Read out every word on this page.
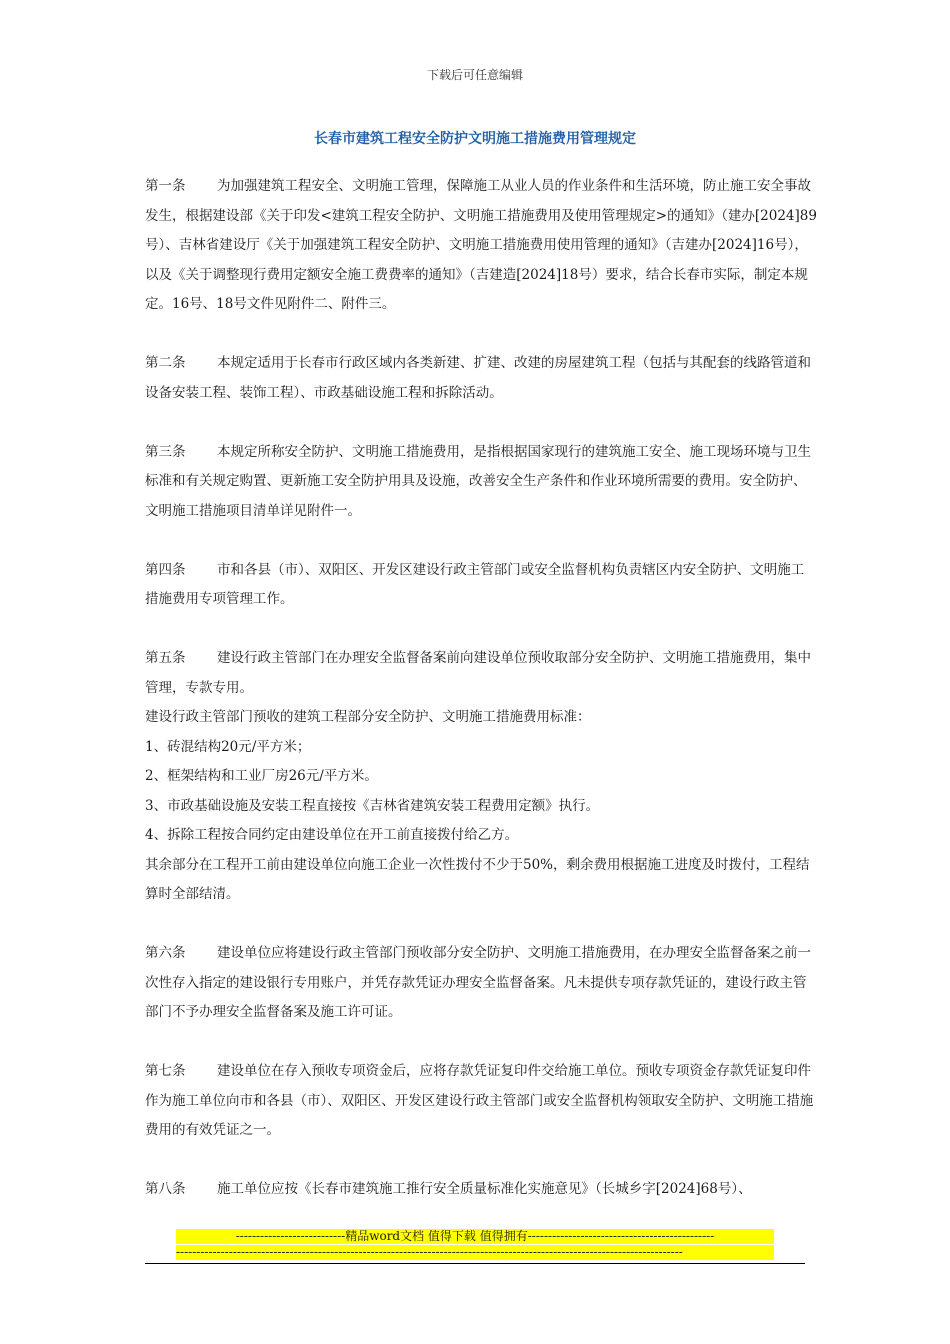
下载后可任意编辑
长春市建筑工程安全防护文明施工措施费用管理规定

第一条 为加强建筑工程安全、文明施工管理，保障施工从业人员的作业条件和生活环境，防止施工安全事故发生，根据建设部《关于印发<建筑工程安全防护、文明施工措施费用及使用管理规定>的通知》（建办[2024]89号）、吉林省建设厅《关于加强建筑工程安全防护、文明施工措施费用使用管理的通知》（吉建办[2024]16号），以及《关于调整现行费用定额安全施工费费率的通知》（吉建造[2024]18号）要求，结合长春市实际，制定本规定。16号、18号文件见附件二、附件三。

第二条 本规定适用于长春市行政区域内各类新建、扩建、改建的房屋建筑工程（包括与其配套的线路管道和设备安装工程、装饰工程）、市政基础设施工程和拆除活动。

第三条 本规定所称安全防护、文明施工措施费用，是指根据国家现行的建筑施工安全、施工现场环境与卫生标准和有关规定购置、更新施工安全防护用具及设施，改善安全生产条件和作业环境所需要的费用。安全防护、文明施工措施项目清单详见附件一。

第四条 市和各县（市）、双阳区、开发区建设行政主管部门或安全监督机构负责辖区内安全防护、文明施工措施费用专项管理工作。

第五条 建设行政主管部门在办理安全监督备案前向建设单位预收取部分安全防护、文明施工措施费用，集中管理，专款专用。

建设行政主管部门预收的建筑工程部分安全防护、文明施工措施费用标准：

1、砖混结构20元/平方米；

2、框架结构和工业厂房26元/平方米。

3、市政基础设施及安装工程直接按《吉林省建筑安装工程费用定额》执行。

4、拆除工程按合同约定由建设单位在开工前直接拨付给乙方。

其余部分在工程开工前由建设单位向施工企业一次性拨付不少于50%，剩余费用根据施工进度及时拨付，工程结算时全部结清。

第六条 建设单位应将建设行政主管部门预收部分安全防护、文明施工措施费用，在办理安全监督备案之前一次性存入指定的建设银行专用账户，并凭存款凭证办理安全监督备案。凡未提供专项存款凭证的，建设行政主管部门不予办理安全监督备案及施工许可证。

第七条 建设单位在存入预收专项资金后，应将存款凭证复印件交给施工单位。预收专项资金存款凭证复印件作为施工单位向市和各县（市）、双阳区、开发区建设行政主管部门或安全监督机构领取安全防护、文明施工措施费用的有效凭证之一。

第八条 施工单位应按《长春市建筑施工推行安全质量标准化实施意见》（长城乡字[2024]68号）、

---------------------------精品word文档 值得下载 值得拥有----------------------------------------------
-----------------------------------------------------------------------------------------------------------------------------
